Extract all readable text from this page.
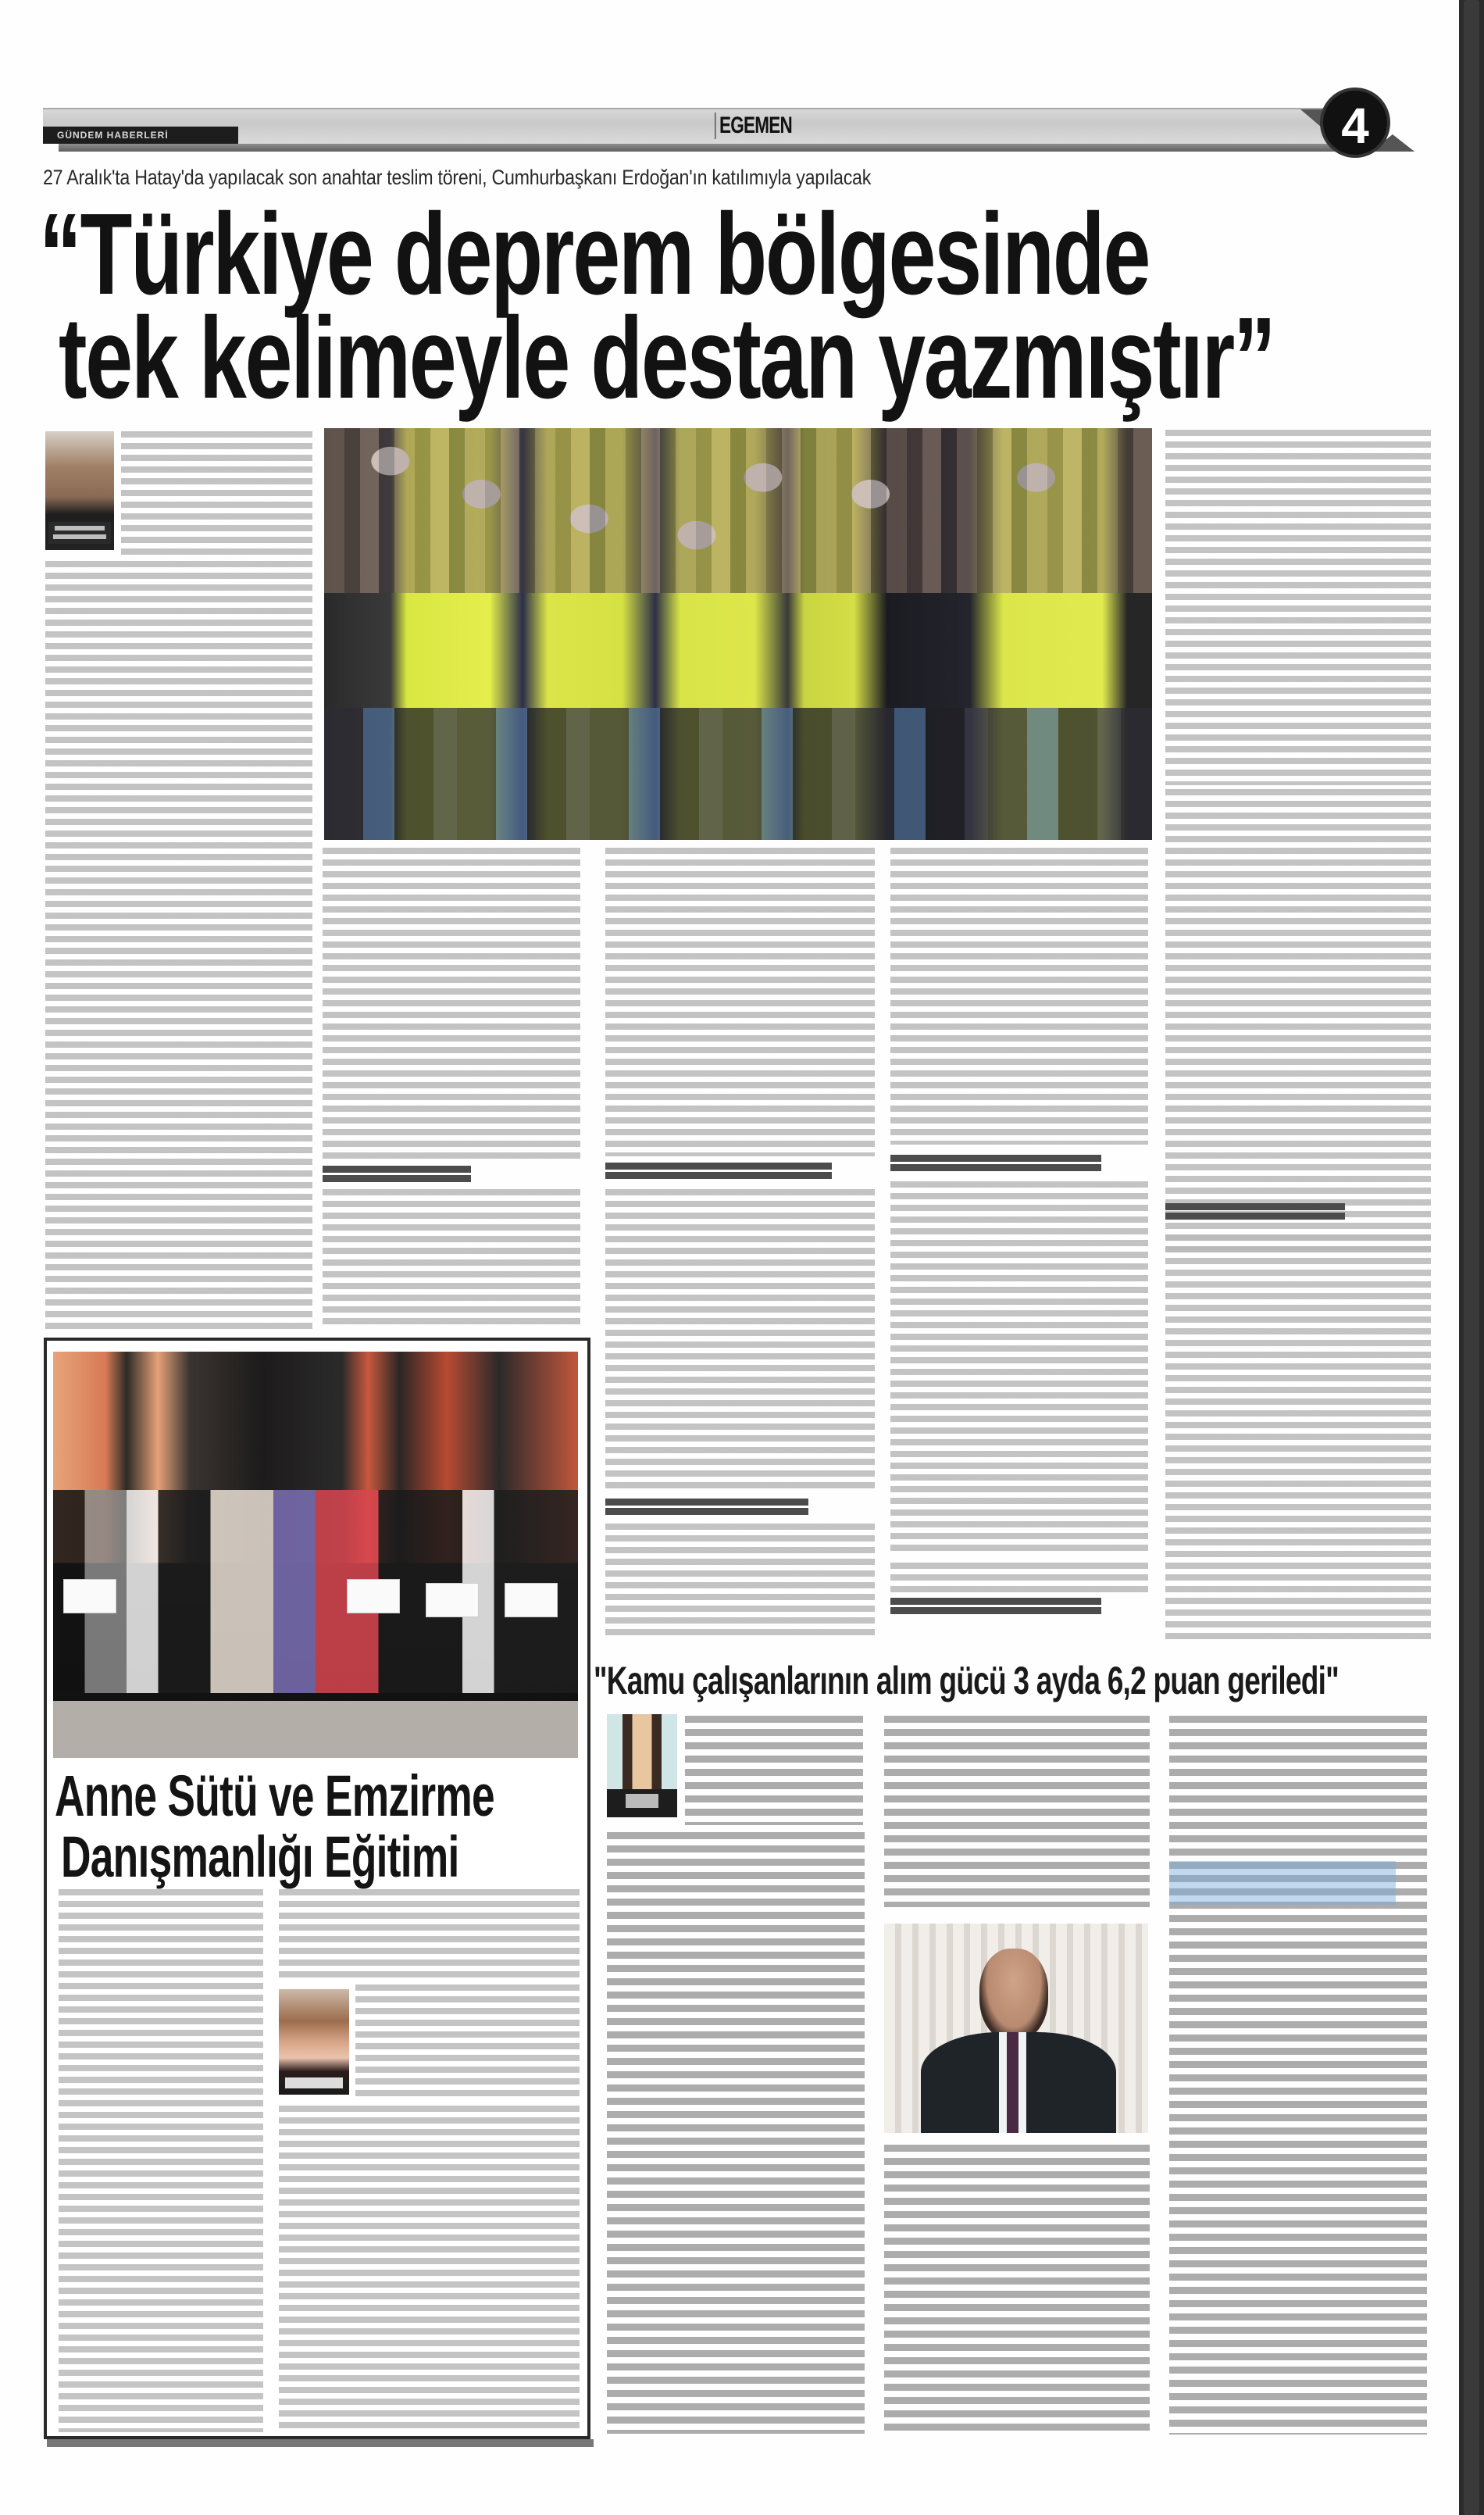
GÜNDEM HABERLERİ	EGEMEN	4
27 Aralık'ta Hatay'da yapılacak son anahtar teslim töreni, Cumhurbaşkanı Erdoğan'ın katılımıyla yapılacak
“Türkiye deprem bölgesinde
tek kelimeyle destan yazmıştır”
Anne Sütü ve Emzirme
Danışmanlığı Eğitimi
"Kamu çalışanlarının alım gücü 3 ayda 6,2 puan geriledi"
